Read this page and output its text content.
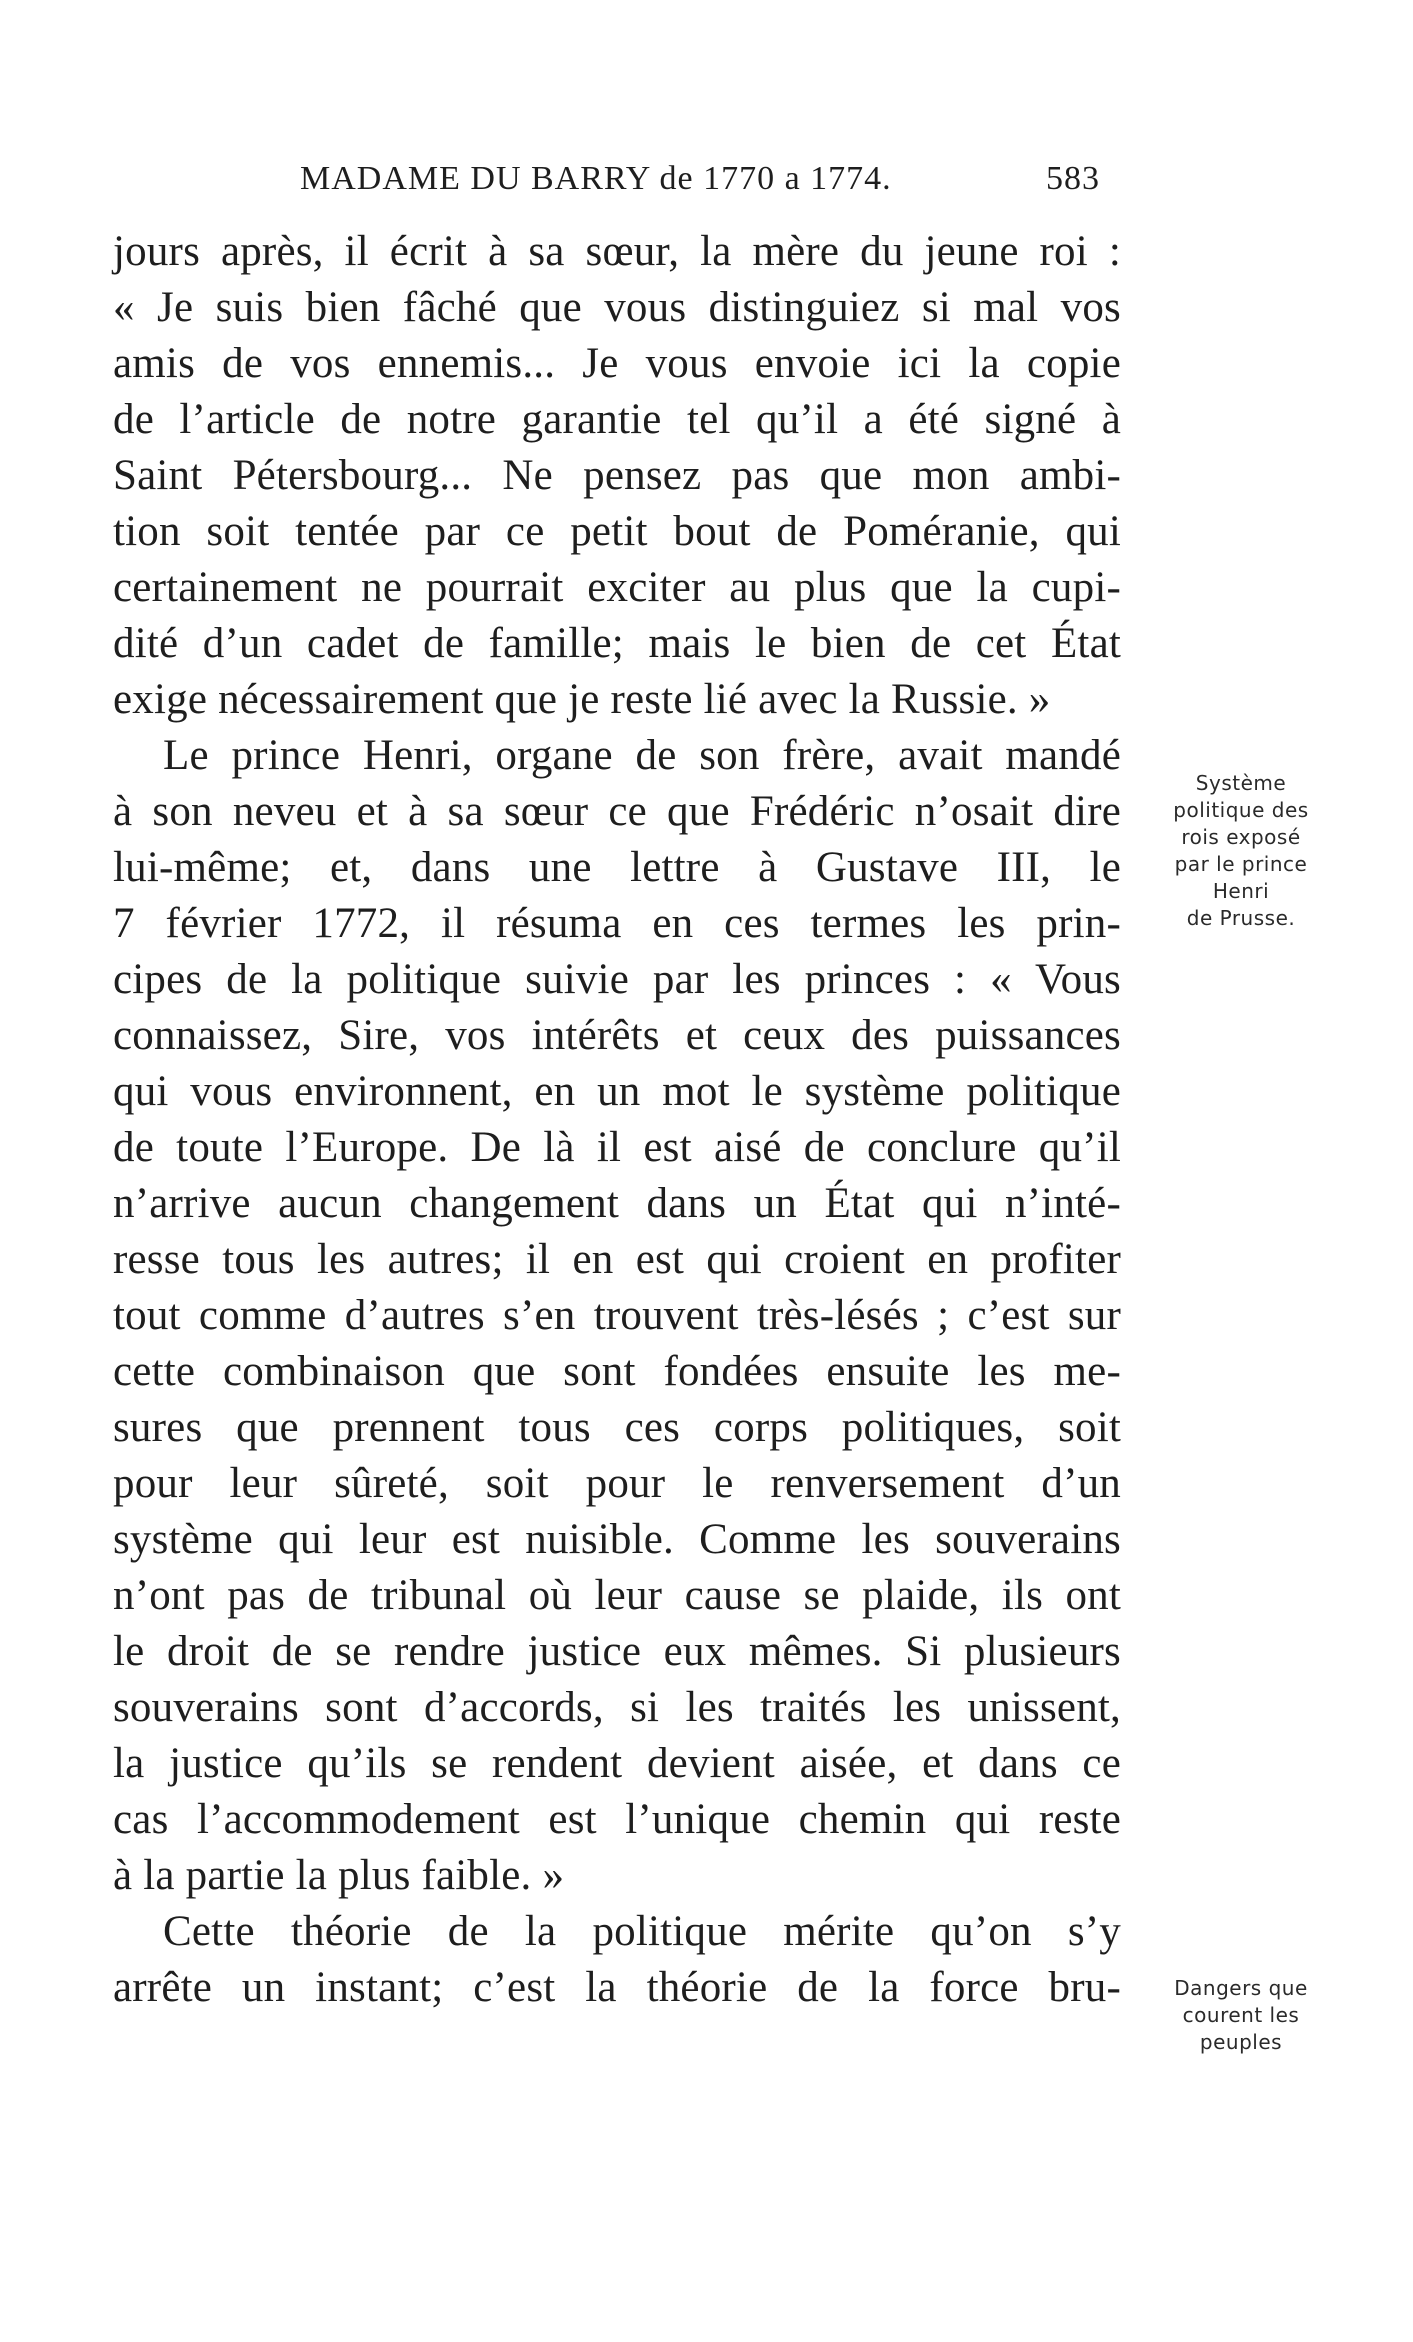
MADAME DU BARRY de 1770 a 1774.	583
jours après, il écrit à sa sœur, la mère du jeune roi :
« Je suis bien fâché que vous distinguiez si mal vos
amis de vos ennemis... Je vous envoie ici la copie
de l’article de notre garantie tel qu’il a été signé à
Saint Pétersbourg... Ne pensez pas que mon ambi-
tion soit tentée par ce petit bout de Poméranie, qui
certainement ne pourrait exciter au plus que la cupi-
dité d’un cadet de famille; mais le bien de cet État
exige nécessairement que je reste lié avec la Russie. »
Le prince Henri, organe de son frère, avait mandé
à son neveu et à sa sœur ce que Frédéric n’osait dire
lui-même; et, dans une lettre à Gustave III, le
7 février 1772, il résuma en ces termes les prin-
cipes de la politique suivie par les princes : « Vous
connaissez, Sire, vos intérêts et ceux des puissances
qui vous environnent, en un mot le système politique
de toute l’Europe. De là il est aisé de conclure qu’il
n’arrive aucun changement dans un État qui n’inté-
resse tous les autres; il en est qui croient en profiter
tout comme d’autres s’en trouvent très-lésés ; c’est sur
cette combinaison que sont fondées ensuite les me-
sures que prennent tous ces corps politiques, soit
pour leur sûreté, soit pour le renversement d’un
système qui leur est nuisible. Comme les souverains
n’ont pas de tribunal où leur cause se plaide, ils ont
le droit de se rendre justice eux mêmes. Si plusieurs
souverains sont d’accords, si les traités les unissent,
la justice qu’ils se rendent devient aisée, et dans ce
cas l’accommodement est l’unique chemin qui reste
à la partie la plus faible. »
Cette théorie de la politique mérite qu’on s’y
arrête un instant; c’est la théorie de la force bru-
Système
politique des
rois exposé
par le prince
Henri
de Prusse.
Dangers que
courent les
peuples
